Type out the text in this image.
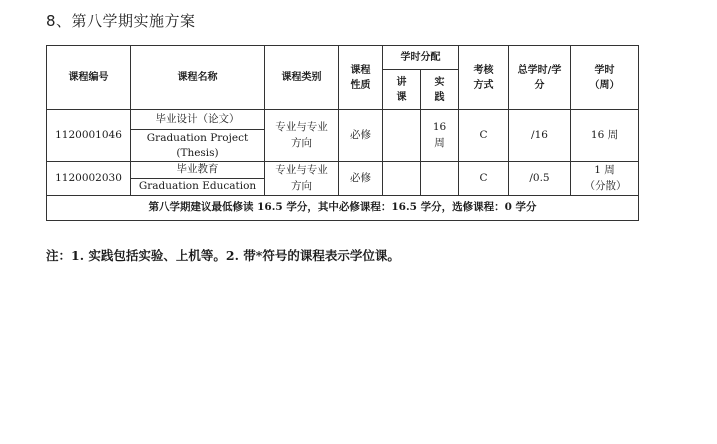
8、第八学期实施方案
课程编号	课程名称	课程类别	课程性质	学时分配		考核方式	总学时/学分	学时（周）
				讲课	实践			
1120001046	毕业设计（论文）	专业与专业方向	必修		16周	C	/16	16 周
	Graduation Project (Thesis)							

1120002030	毕业教育	专业与专业方向	必修			C	/0.5	1 周（分散）
	Graduation Education							
第八学期建议最低修读 16.5 学分，其中必修课程：16.5 学分，选修课程：0 学分								
注：1. 实践包括实验、上机等。2. 带*符号的课程表示学位课。
